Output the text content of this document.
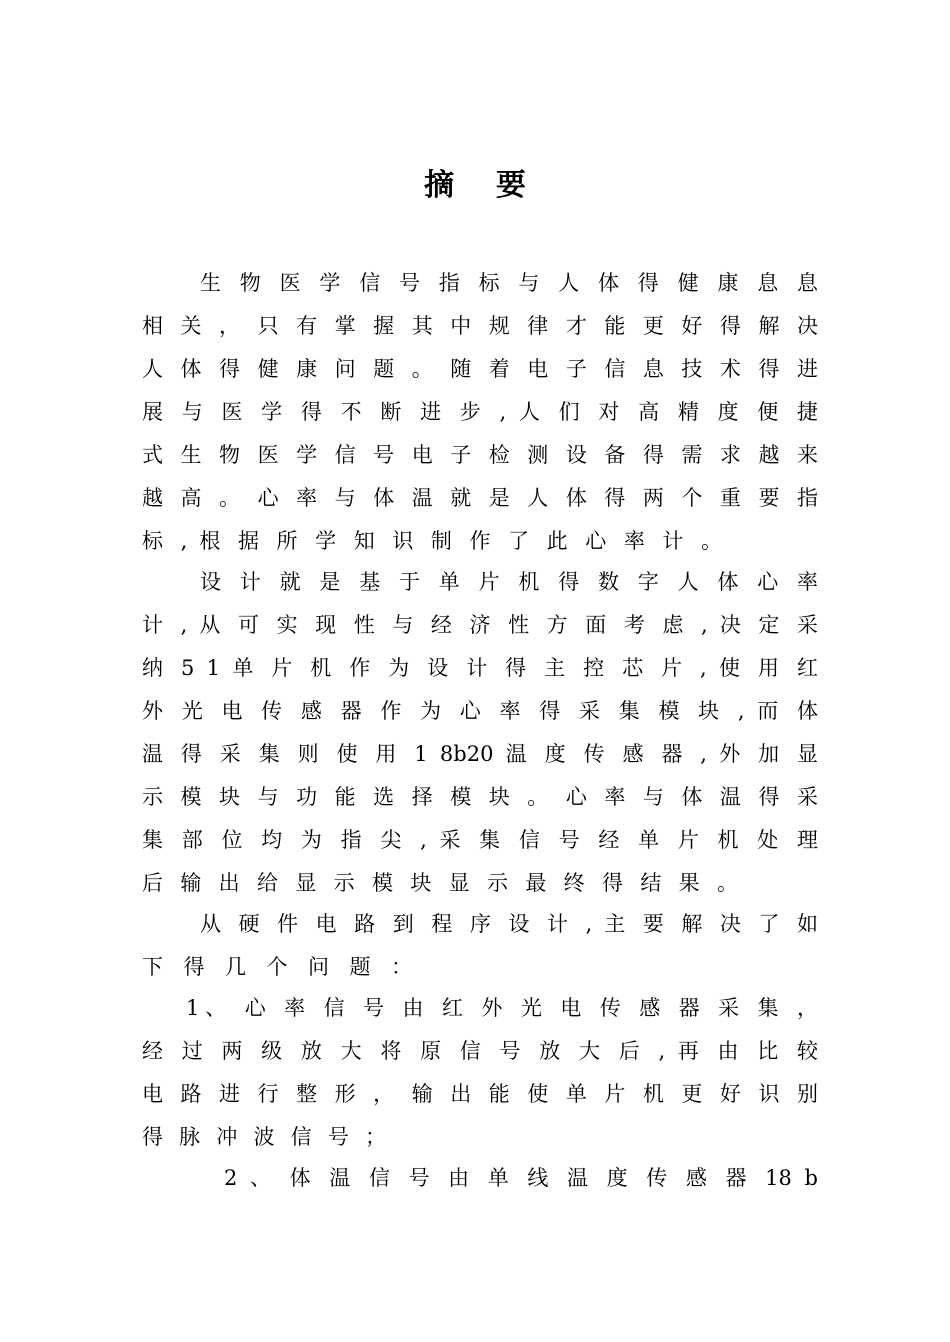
摘    要
生 物 医 学 信 号 指 标 与 人 体 得 健 康 息 息
相 关 ， 只 有 掌 握 其 中 规 律 才 能 更 好 得 解 决
人 体 得 健 康 问 题 。 随 着 电 子 信 息 技 术 得 进
展 与 医 学 得 不 断 进 步 , 人 们 对 高 精 度 便 捷
式 生 物 医 学 信 号 电 子 检 测 设 备 得 需 求 越 来
越 高 。 心 率 与 体 温 就 是 人 体 得 两 个 重 要 指
标 , 根 据 所 学 知 识 制 作 了 此 心 率 计 。
设 计 就 是 基 于 单 片 机 得 数 字 人 体 心 率
计 , 从 可 实 现 性 与 经 济 性 方 面 考 虑 , 决 定 采
纳 5 1 单 片 机 作 为 设 计 得 主 控 芯 片 , 使 用 红
外 光 电 传 感 器 作 为 心 率 得 采 集 模 块 , 而 体
温 得 采 集 则 使 用 1 8b20 温 度 传 感 器 , 外 加 显
示 模 块 与 功 能 选 择 模 块 。 心 率 与 体 温 得 采
集 部 位 均 为 指 尖 , 采 集 信 号 经 单 片 机 处 理
后 输 出 给 显 示 模 块 显 示 最 终 得 结 果 。
从 硬 件 电 路 到 程 序 设 计 , 主 要 解 决 了 如
下 得 几 个 问 题 ：
1、 心 率 信 号 由 红 外 光 电 传 感 器 采 集 ，
经 过 两 级 放 大 将 原 信 号 放 大 后 , 再 由 比 较
电 路 进 行 整 形 ， 输 出 能 使 单 片 机 更 好 识 别
得 脉 冲 波 信 号 ；
2 、 体 温 信 号 由 单 线 温 度 传 感 器 18 b
